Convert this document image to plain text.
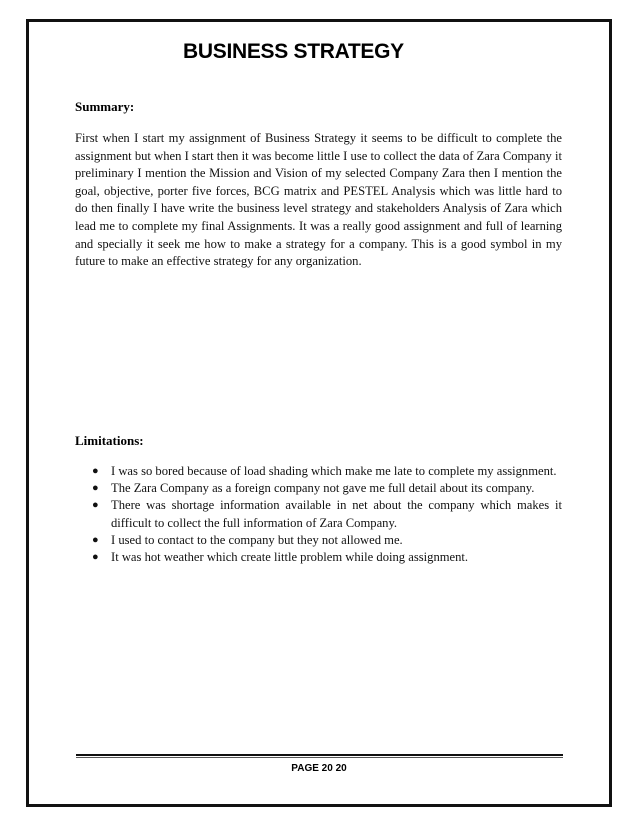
BUSINESS STRATEGY
Summary:

First when I start my assignment of Business Strategy it seems to be difficult to complete the assignment but when I start then it was become little I use to collect the data of Zara Company it preliminary I mention the Mission and Vision of my selected Company Zara then I mention the goal, objective, porter five forces, BCG matrix and PESTEL Analysis which was little hard to do then finally I have write the business level strategy and stakeholders Analysis of Zara which lead me to complete my final Assignments. It was a really good assignment and full of learning and specially it seek me how to make a strategy for a company. This is a good symbol in my future to make an effective strategy for any organization.

Limitations:
● I was so bored because of load shading which make me late to complete my assignment.
● The Zara Company as a foreign company not gave me full detail about its company.
● There was shortage information available in net about the company which makes it difficult to collect the full information of Zara Company.
● I used to contact to the company but they not allowed me.
● It was hot weather which create little problem while doing assignment.
PAGE 20 20
